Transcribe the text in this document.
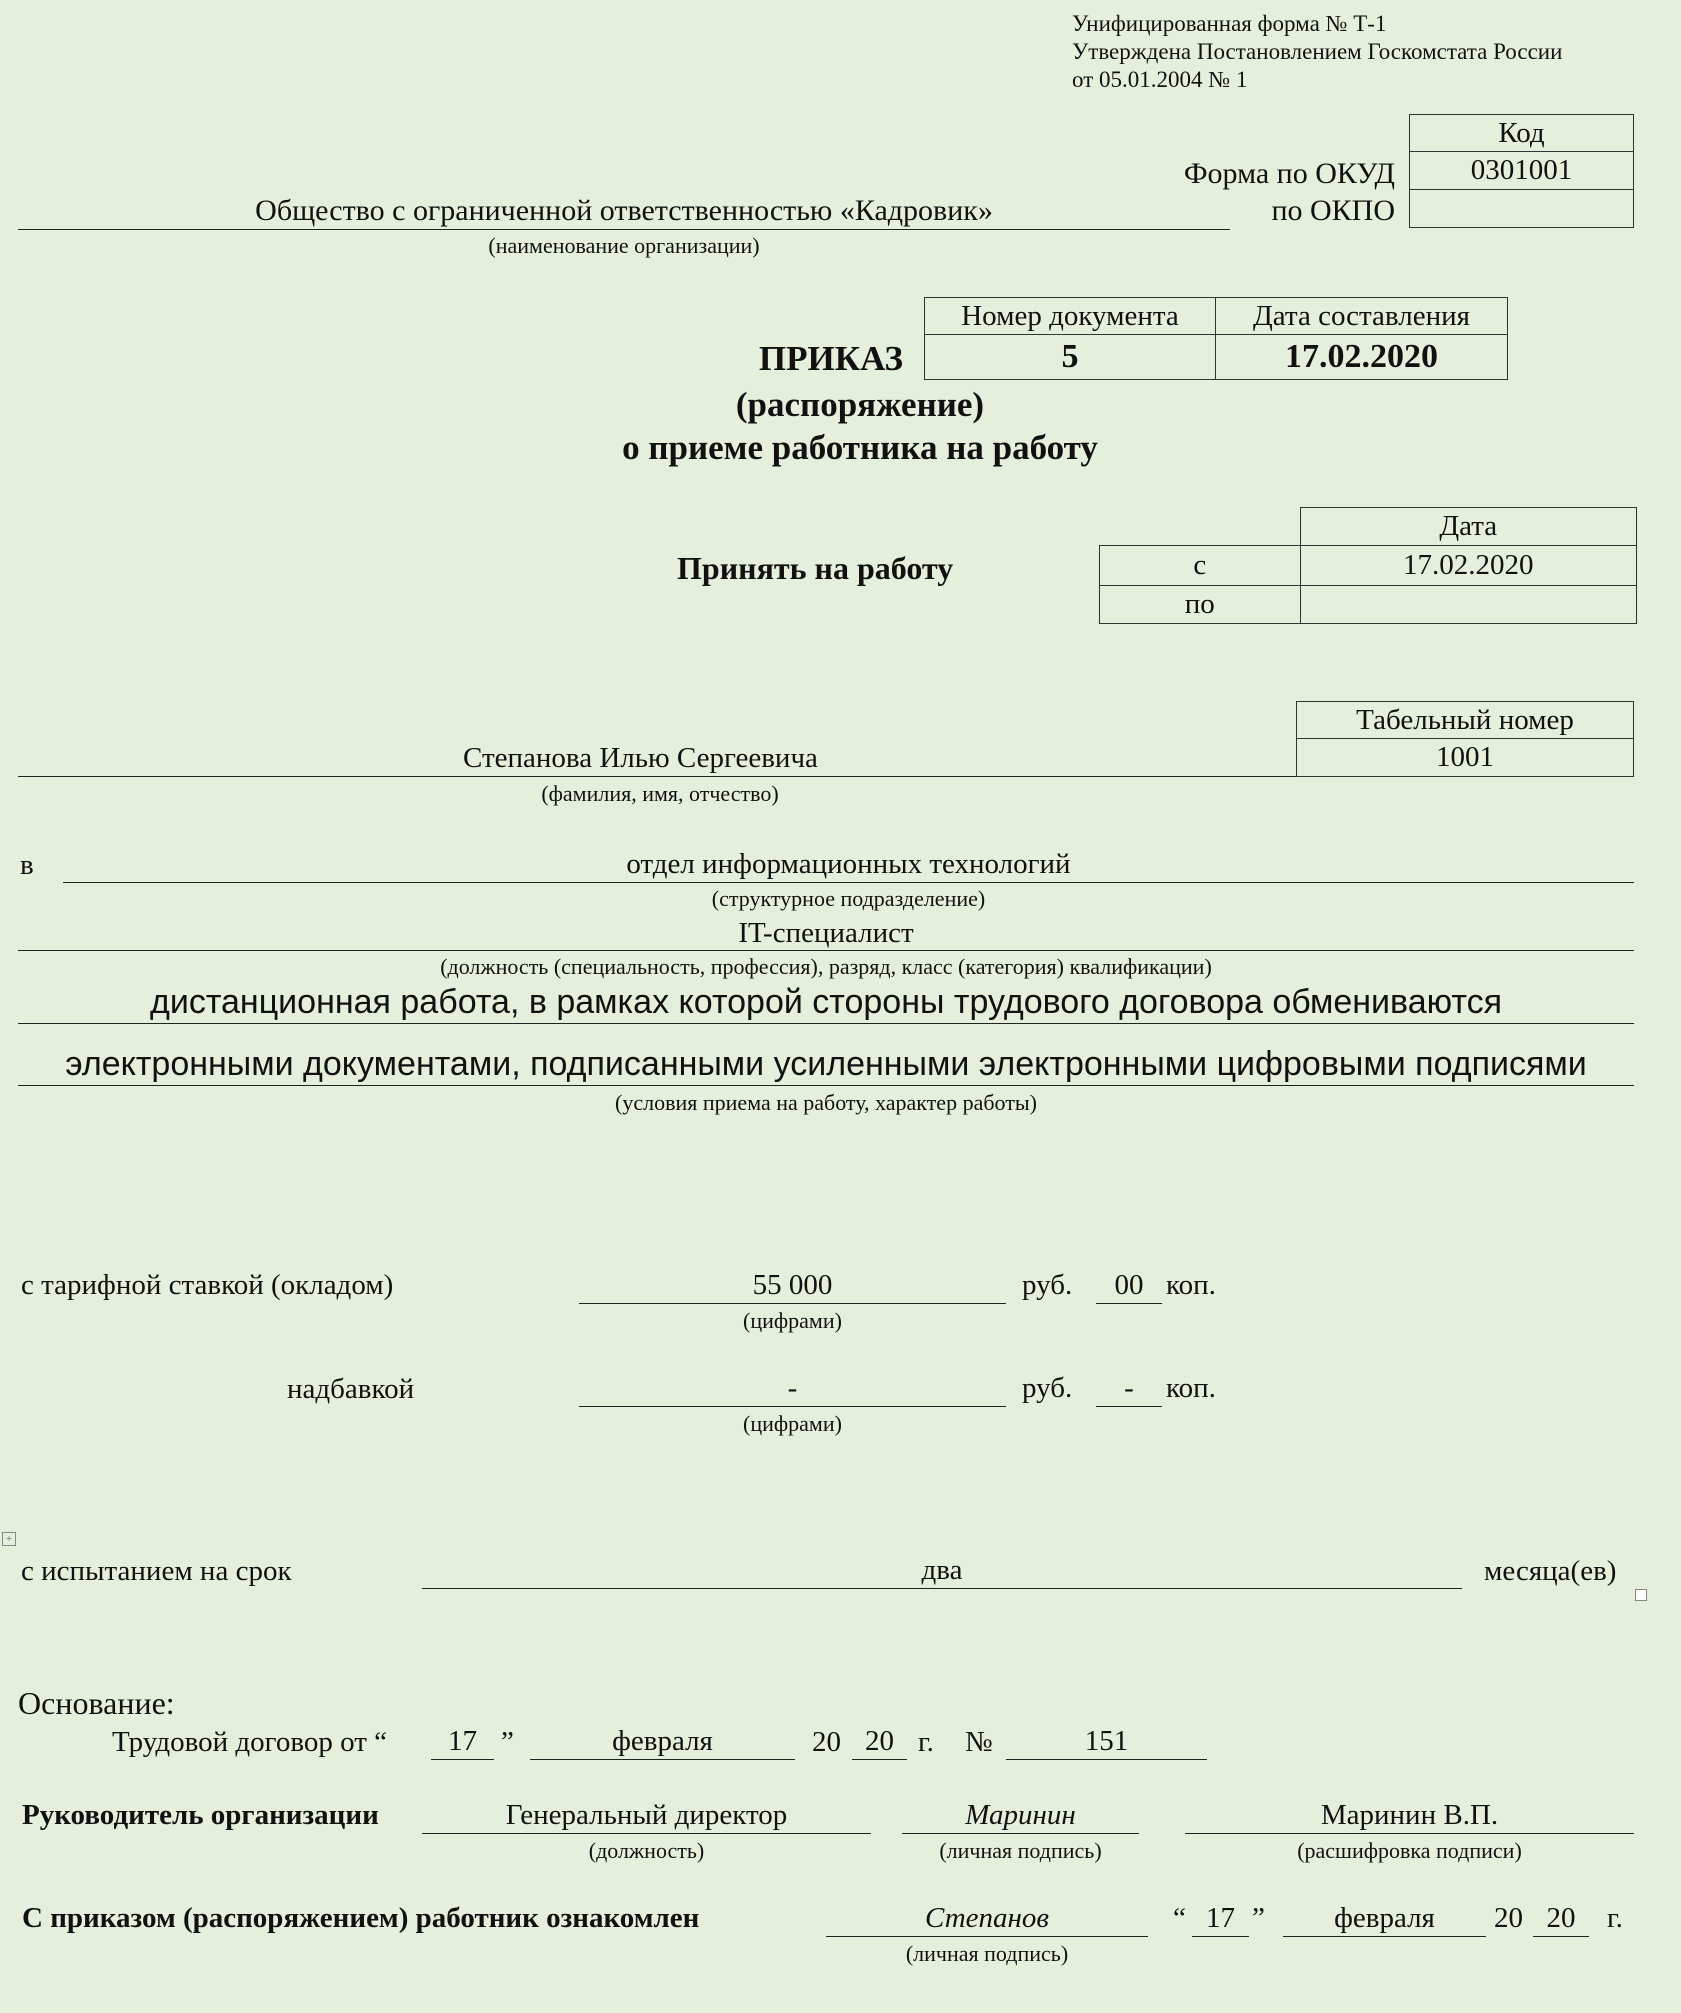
Унифицированная форма № Т-1
Утверждена Постановлением Госкомстата России
от 05.01.2004 № 1
Код
0301001

Форма по ОКУД
по ОКПО
Общество с ограниченной ответственностью «Кадровик»
(наименование организации)
Номер документа	Дата составления
5	17.02.2020
ПРИКАЗ
(распоряжение)
о приеме работника на работу
Принять на работу
	Дата
с	17.02.2020
по	
Табельный номер
1001
Степанова Илью Сергеевича
(фамилия, имя, отчество)
в	отдел информационных технологий
(структурное подразделение)
IT-специалист
(должность (специальность, профессия), разряд, класс (категория) квалификации)
дистанционная работа, в рамках которой стороны трудового договора обмениваются
электронными документами, подписанными усиленными электронными цифровыми подписями
(условия приема на работу, характер работы)
с тарифной ставкой (окладом)	55 000	руб.	00 коп.
(цифрами)
надбавкой	-	руб.	-	коп.
(цифрами)
+
с испытанием на срок	два	месяца(ев)
Основание:
Трудовой договор от “	17 ”	февраля	20 20 г. №	151
Руководитель организации	Генеральный директор
(должность)
Маринин
(личная подпись)
Маринин В.П.
(расшифровка подписи)
С приказом (распоряжением) работник ознакомлен	Степанов
(личная подпись)
“ 17 ”	февраля	20 20	г.
